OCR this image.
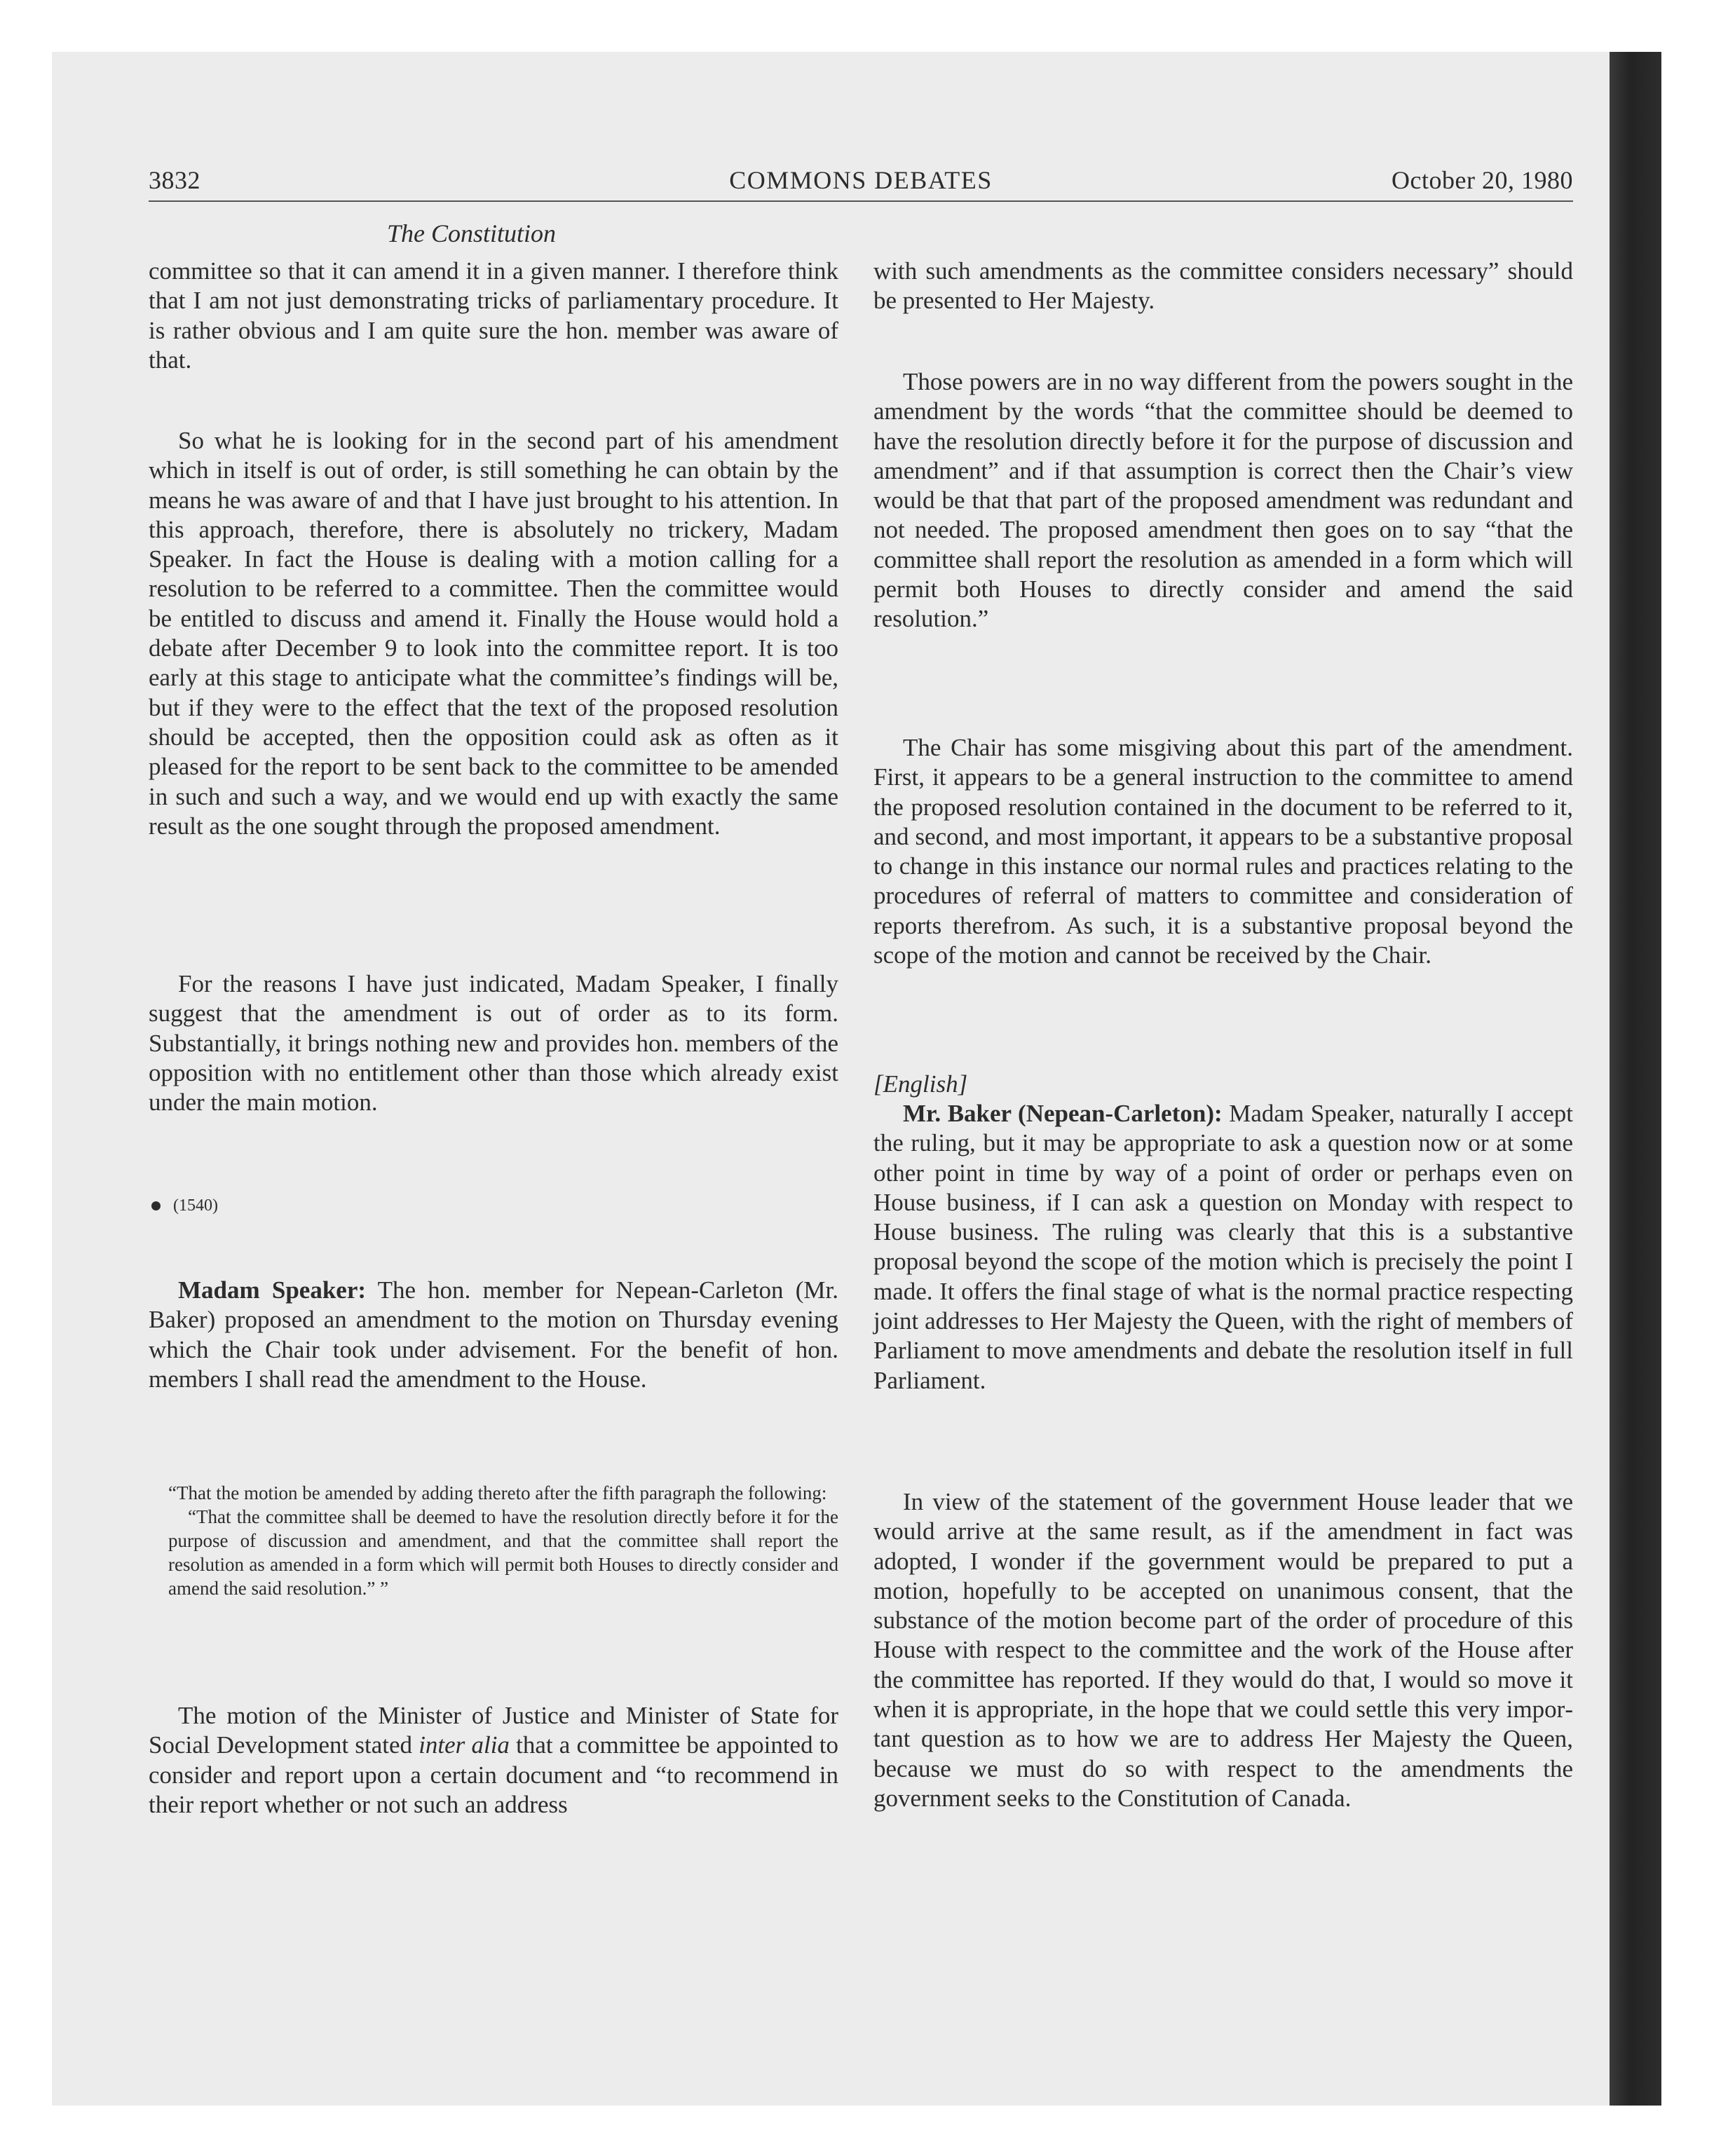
3832	COMMONS DEBATES	October 20, 1980
The Constitution

committee so that it can amend it in a given manner. I therefore think that I am not just demonstrating tricks of parliamentary procedure. It is rather obvious and I am quite sure the hon. member was aware of that.

So what he is looking for in the second part of his amendment which in itself is out of order, is still something he can obtain by the means he was aware of and that I have just brought to his attention. In this approach, therefore, there is absolutely no trickery, Madam Speaker. In fact the House is dealing with a motion calling for a resolution to be referred to a committee. Then the committee would be entitled to discuss and amend it. Finally the House would hold a debate after December 9 to look into the committee report. It is too early at this stage to anticipate what the committee’s findings will be, but if they were to the effect that the text of the proposed resolution should be accepted, then the opposition could ask as often as it pleased for the report to be sent back to the committee to be amended in such and such a way, and we would end up with exactly the same result as the one sought through the proposed amendment.

For the reasons I have just indicated, Madam Speaker, I finally suggest that the amendment is out of order as to its form. Substantially, it brings nothing new and provides hon. members of the opposition with no entitlement other than those which already exist under the main motion.

(1540)

Madam Speaker: The hon. member for Nepean-Carleton (Mr. Baker) proposed an amendment to the motion on Thursday evening which the Chair took under advisement. For the benefit of hon. members I shall read the amendment to the House.

“That the motion be amended by adding thereto after the fifth paragraph the following:

“That the committee shall be deemed to have the resolution directly before it for the purpose of discussion and amendment, and that the committee shall report the resolution as amended in a form which will permit both Houses to directly consider and amend the said resolution.” ”

The motion of the Minister of Justice and Minister of State for Social Development stated inter alia that a committee be appointed to consider and report upon a certain document and “to recommend in their report whether or not such an address

with such amendments as the committee considers necessary” should be presented to Her Majesty.

Those powers are in no way different from the powers sought in the amendment by the words “that the committee should be deemed to have the resolution directly before it for the purpose of discussion and amendment” and if that assumption is correct then the Chair’s view would be that that part of the proposed amendment was redundant and not needed. The proposed amendment then goes on to say “that the committee shall report the resolution as amended in a form which will permit both Houses to directly consider and amend the said resolution.”

The Chair has some misgiving about this part of the amendment. First, it appears to be a general instruction to the committee to amend the proposed resolution contained in the document to be referred to it, and second, and most important, it appears to be a substantive proposal to change in this instance our normal rules and practices relating to the procedures of referral of matters to committee and consideration of reports therefrom. As such, it is a substantive proposal beyond the scope of the motion and cannot be received by the Chair.

[English]

Mr. Baker (Nepean-Carleton): Madam Speaker, naturally I accept the ruling, but it may be appropriate to ask a question now or at some other point in time by way of a point of order or perhaps even on House business, if I can ask a question on Monday with respect to House business. The ruling was clearly that this is a substantive proposal beyond the scope of the motion which is precisely the point I made. It offers the final stage of what is the normal practice respecting joint addresses to Her Majesty the Queen, with the right of members of Parliament to move amendments and debate the resolution itself in full Parliament.

In view of the statement of the government House leader that we would arrive at the same result, as if the amendment in fact was adopted, I wonder if the government would be prepared to put a motion, hopefully to be accepted on unanimous consent, that the substance of the motion become part of the order of procedure of this House with respect to the committee and the work of the House after the committee has reported. If they would do that, I would so move it when it is appropriate, in the hope that we could settle this very important question as to how we are to address Her Majesty the Queen, because we must do so with respect to the amendments the government seeks to the Constitution of Canada.
